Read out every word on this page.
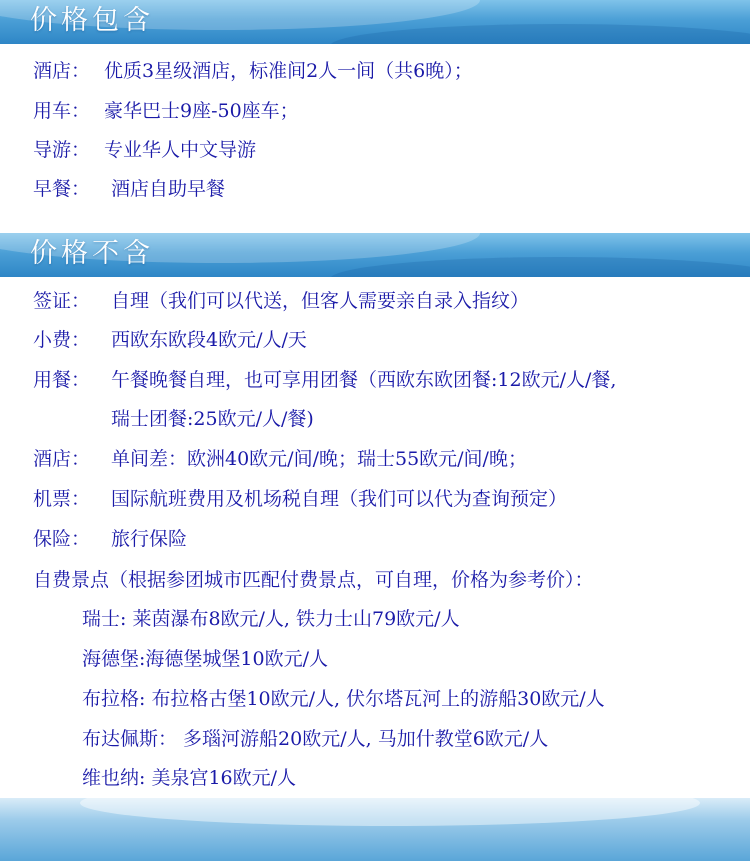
价格包含
酒店： 优质3星级酒店，标准间2人一间（共6晚）；
用车： 豪华巴士9座-50座车；
导游： 专业华人中文导游
早餐： 酒店自助早餐
价格不含
签证： 自理（我们可以代送，但客人需要亲自录入指纹）
小费： 西欧东欧段4欧元/人/天
用餐： 午餐晚餐自理，也可享用团餐（西欧东欧团餐:12欧元/人/餐,
瑞士团餐:25欧元/人/餐)
酒店： 单间差：欧洲40欧元/间/晚；瑞士55欧元/间/晚；
机票： 国际航班费用及机场税自理（我们可以代为查询预定）
保险： 旅行保险
自费景点（根据参团城市匹配付费景点，可自理，价格为参考价）：
瑞士: 莱茵瀑布8欧元/人, 铁力士山79欧元/人
海德堡:海德堡城堡10欧元/人
布拉格: 布拉格古堡10欧元/人, 伏尔塔瓦河上的游船30欧元/人
布达佩斯： 多瑙河游船20欧元/人, 马加什教堂6欧元/人
维也纳: 美泉宫16欧元/人
